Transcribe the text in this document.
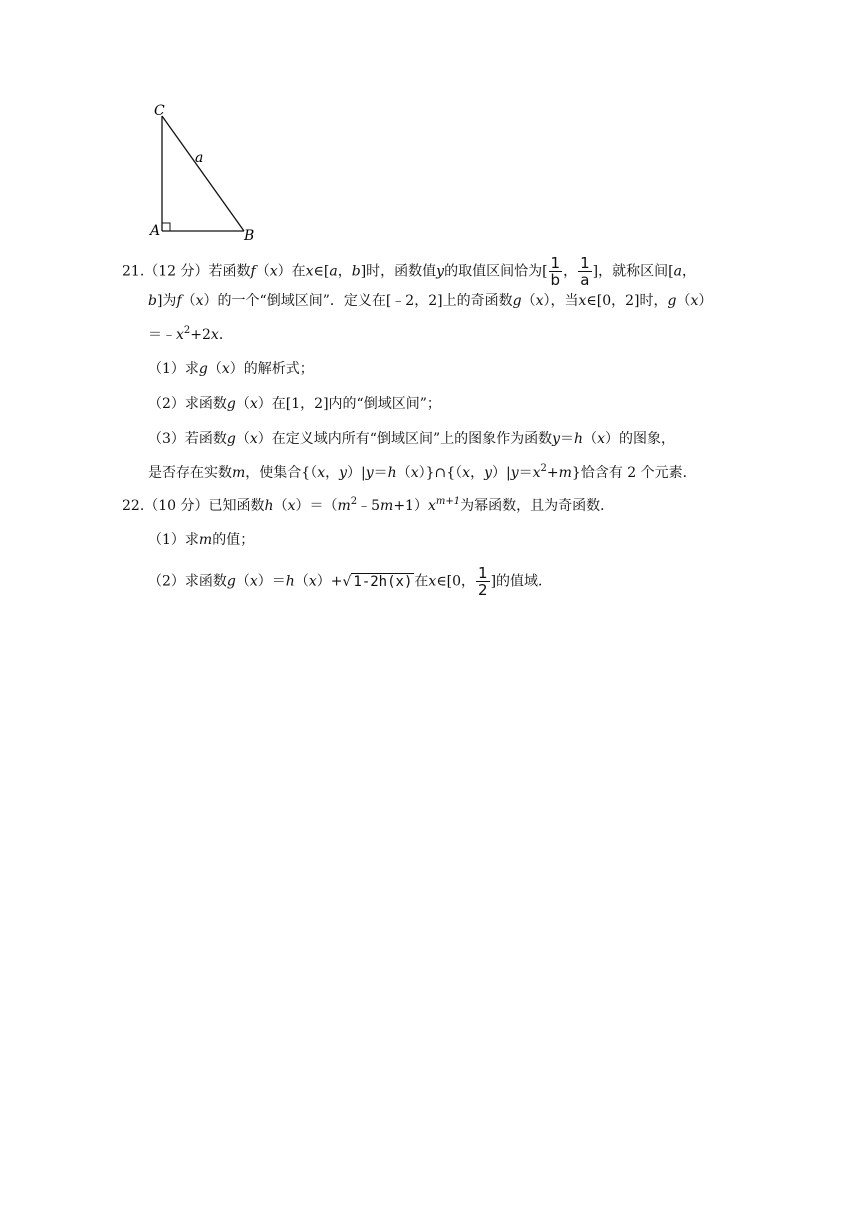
C
a
A	B
21.（12 分）若函数f（x）在x∈[a，b]时，函数值y的取值区间恰为[ $\frac{1}{b}$ ， $\frac{1}{a}$ ]，就称区间[a，
b]为f（x）的一个“倒域区间”．定义在[﹣2，2]上的奇函数g（x），当x∈[0，2]时，g（x）
$=﹣x^2+2x$．
（1）求g（x）的解析式；
（2）求函数g（x）在[1，2]内的“倒域区间”；
（3）若函数g（x）在定义域内所有“倒域区间”上的图象作为函数y＝h（x）的图象，
是否存在实数m，使集合{（x，y）|y＝h（x）}∩{（x，$y)|y=x^2+m$}恰含有 2 个元素．
22.（10 分）已知函数$h(x)=(m^2﹣5m+1)x^{m+1}$为幂函数，且为奇函数．
（1）求m的值；
（2）求函数g（x）＝h（x）+√ 1-2h(x) 在x∈[0， $\frac{1}{2}$ ]的值域．
